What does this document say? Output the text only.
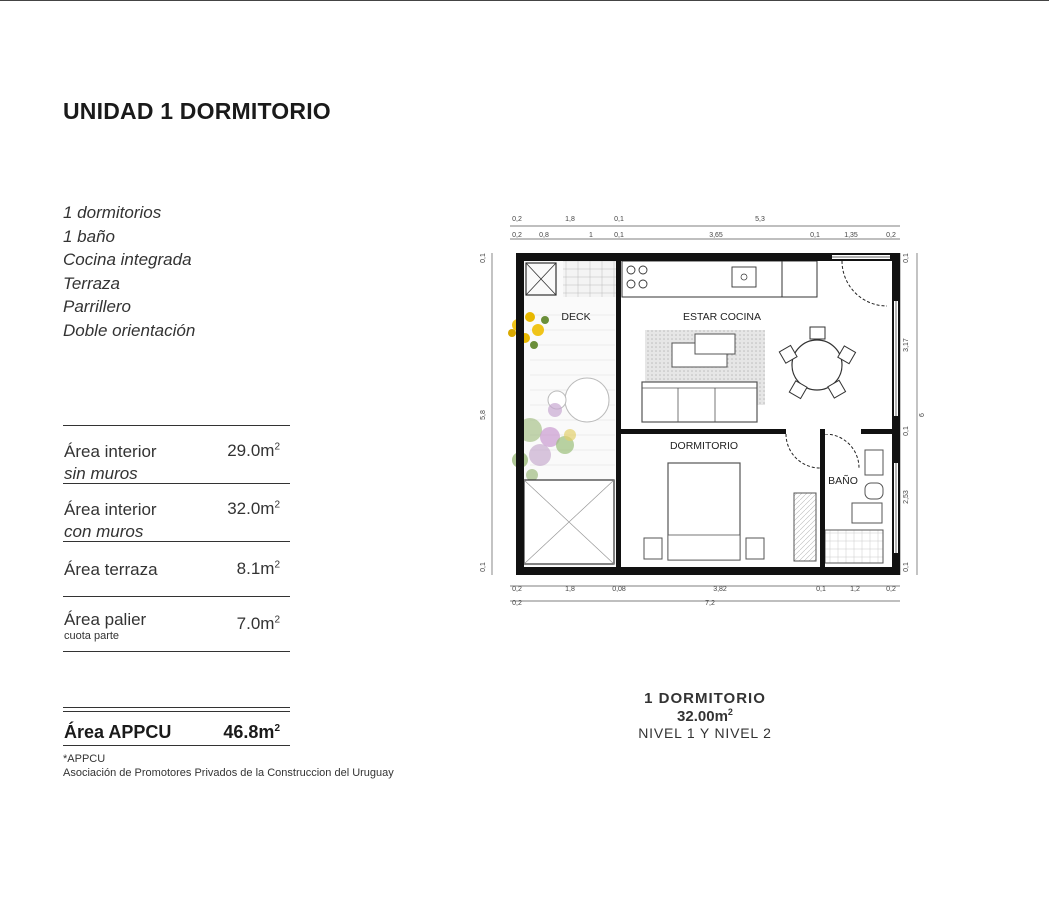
UNIDAD 1 DORMITORIO
1 dormitorios
1 baño
Cocina integrada
Terraza
Parrillero
Doble orientación
Área interior
sin muros
$29.0m^2$
Área interior
con muros
$32.0m^2$
Área terraza	$8.1m^2$
Área palier
cuota parte
$7.0m^2$
Área APPCU	$46.8m^2$
*APPCU
Asociación de Promotores Privados de la Construccion del Uruguay
0,2	1,8	0,1	5,3
0,2 0,8	1	0,1	3,65	0,1	1,35	0,2
0,2	1,8	0,08	3,82	0,1	1,2	0,2
0,2	7,2
0,1
5,8
0,1
0,1
3,17
0,1
2,53
0,1
6
DECK	ESTAR COCINA
DORMITORIO
BAÑO
1 DORMITORIO
$32.00m^2$
NIVEL 1 Y NIVEL 2
